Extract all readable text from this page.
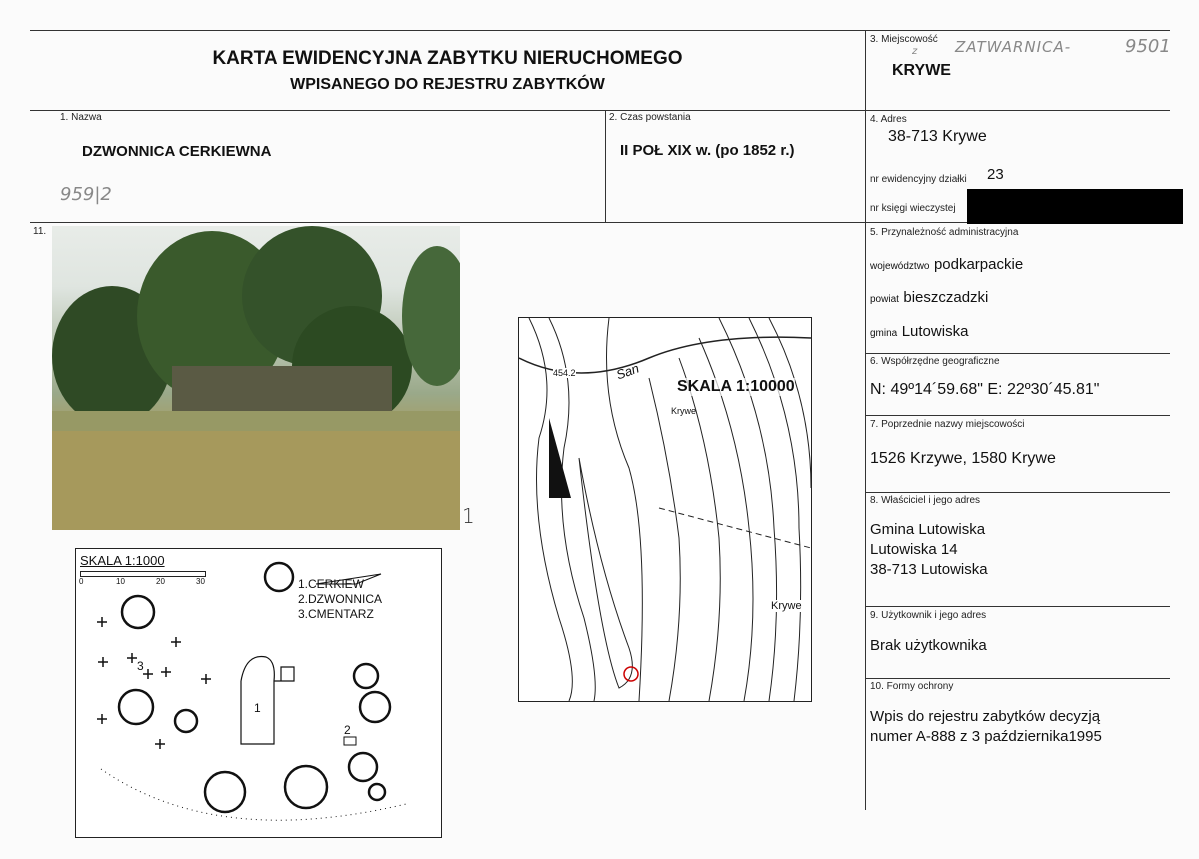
KARTA EWIDENCYJNA ZABYTKU NIERUCHOMEGO
WPISANEGO DO REJESTRU ZABYTKÓW
1. Nazwa
DZWONNICA CERKIEWNA
959|2
2. Czas powstania
II POŁ XIX w. (po 1852 r.)
3. Miejscowość
z	ZATWARNICA-	9501
KRYWE
4. Adres
38-713 Krywe
nr ewidencyjny działki 23
nr księgi wieczystej
5. Przynależność administracyjna
województwo podkarpackie
powiat bieszczadzki
gmina Lutowiska
6. Współrzędne geograficzne
N: 49º14´59.68" E: 22º30´45.81"
7. Poprzednie nazwy miejscowości
1526 Krzywe, 1580 Krywe
8. Właściciel i jego adres
Gmina Lutowiska
Lutowiska 14
38-713 Lutowiska
9. Użytkownik i jego adres
Brak użytkownika
10. Formy ochrony
Wpis do rejestru zabytków decyzją
numer A-888 z 3 października1995
11.
1
SKALA 1:1000
0	10	20	30	1.CERKIEW
2.DZWONNICA
3.CMENTARZ
1
2
3
SKALA 1:10000
454.2	San
Krywe
Krywe
